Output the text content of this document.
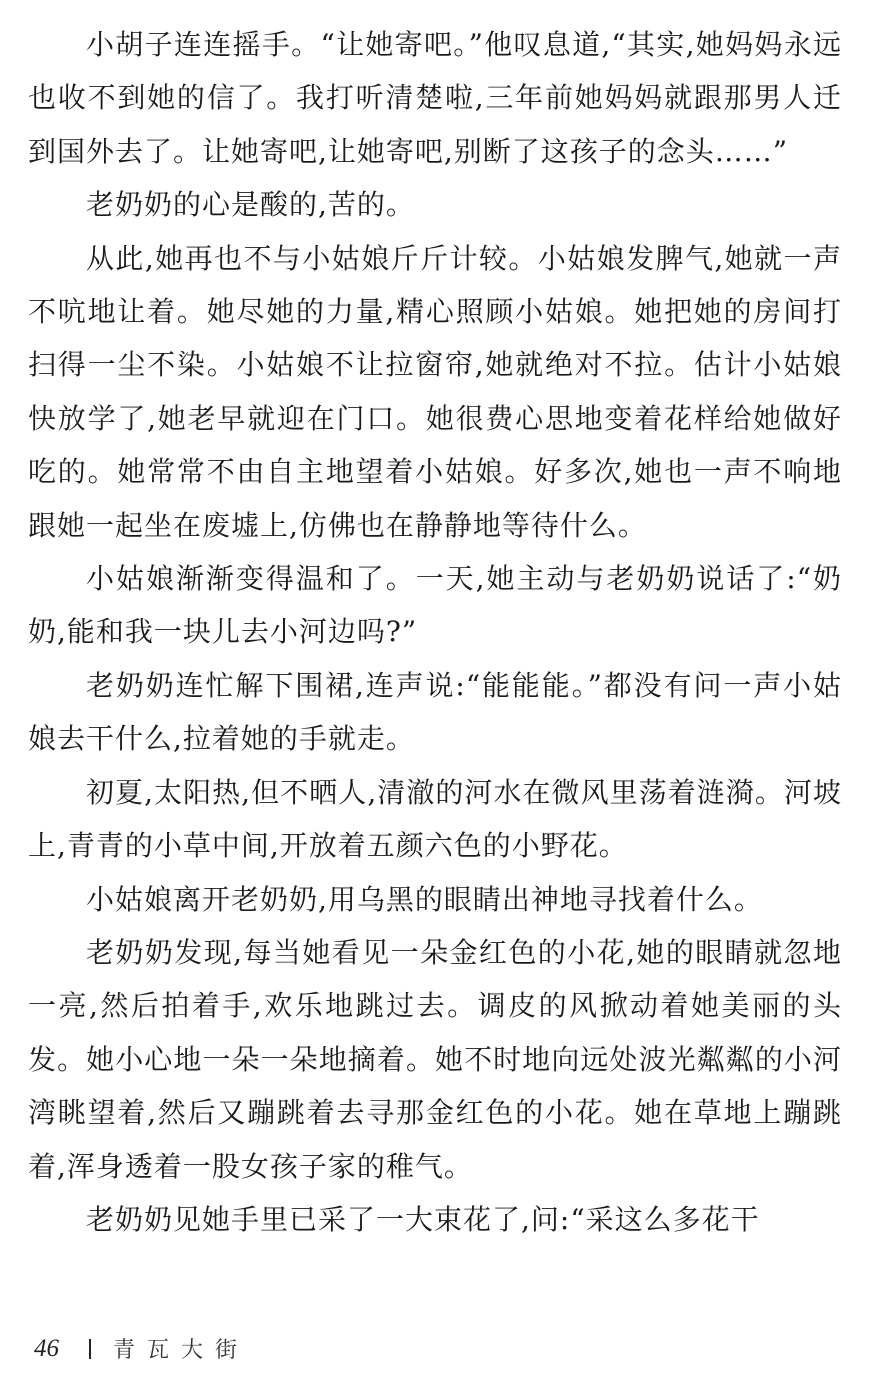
小胡子连连摇手。“让她寄吧。”他叹息道,“其实,她妈妈永远也收不到她的信了。我打听清楚啦,三年前她妈妈就跟那男人迁到国外去了。让她寄吧,让她寄吧,别断了这孩子的念头……”

老奶奶的心是酸的,苦的。

从此,她再也不与小姑娘斤斤计较。小姑娘发脾气,她就一声不吭地让着。她尽她的力量,精心照顾小姑娘。她把她的房间打扫得一尘不染。小姑娘不让拉窗帘,她就绝对不拉。估计小姑娘快放学了,她老早就迎在门口。她很费心思地变着花样给她做好吃的。她常常不由自主地望着小姑娘。好多次,她也一声不响地跟她一起坐在废墟上,仿佛也在静静地等待什么。

小姑娘渐渐变得温和了。一天,她主动与老奶奶说话了:“奶奶,能和我一块儿去小河边吗?”

老奶奶连忙解下围裙,连声说:“能能能。”都没有问一声小姑娘去干什么,拉着她的手就走。

初夏,太阳热,但不晒人,清澈的河水在微风里荡着涟漪。河坡上,青青的小草中间,开放着五颜六色的小野花。

小姑娘离开老奶奶,用乌黑的眼睛出神地寻找着什么。

老奶奶发现,每当她看见一朵金红色的小花,她的眼睛就忽地一亮,然后拍着手,欢乐地跳过去。调皮的风掀动着她美丽的头发。她小心地一朵一朵地摘着。她不时地向远处波光粼粼的小河湾眺望着,然后又蹦跳着去寻那金红色的小花。她在草地上蹦跳着,浑身透着一股女孩子家的稚气。

老奶奶见她手里已采了一大束花了,问:“采这么多花干

46 青瓦大街
